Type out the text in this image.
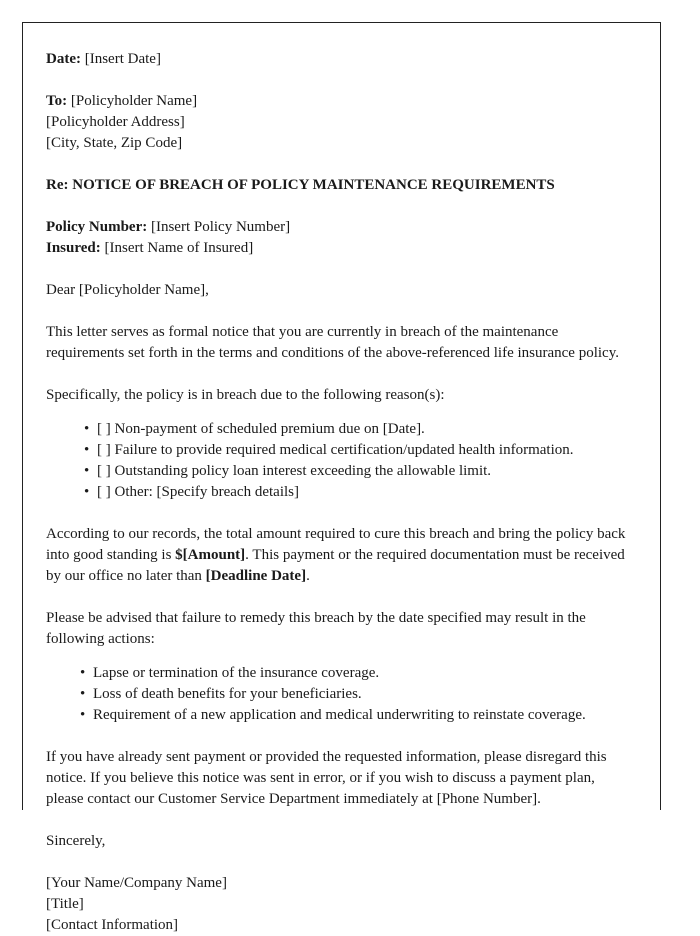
Date: [Insert Date]

To: [Policyholder Name]

[Policyholder Address]

[City, State, Zip Code]

Re: NOTICE OF BREACH OF POLICY MAINTENANCE REQUIREMENTS

Policy Number: [Insert Policy Number]

Insured: [Insert Name of Insured]

Dear [Policyholder Name],

This letter serves as formal notice that you are currently in breach of the maintenance requirements set forth in the terms and conditions of the above-referenced life insurance policy.

Specifically, the policy is in breach due to the following reason(s):

• [ ] Non-payment of scheduled premium due on [Date].
• [ ] Failure to provide required medical certification/updated health information.
• [ ] Outstanding policy loan interest exceeding the allowable limit.
• [ ] Other: [Specify breach details]

According to our records, the total amount required to cure this breach and bring the policy back into good standing is $[Amount]. This payment or the required documentation must be received by our office no later than [Deadline Date].

Please be advised that failure to remedy this breach by the date specified may result in the following actions:

• Lapse or termination of the insurance coverage.
• Loss of death benefits for your beneficiaries.
• Requirement of a new application and medical underwriting to reinstate coverage.

If you have already sent payment or provided the requested information, please disregard this notice. If you believe this notice was sent in error, or if you wish to discuss a payment plan, please contact our Customer Service Department immediately at [Phone Number].

Sincerely,

[Your Name/Company Name]

[Title]

[Contact Information]
